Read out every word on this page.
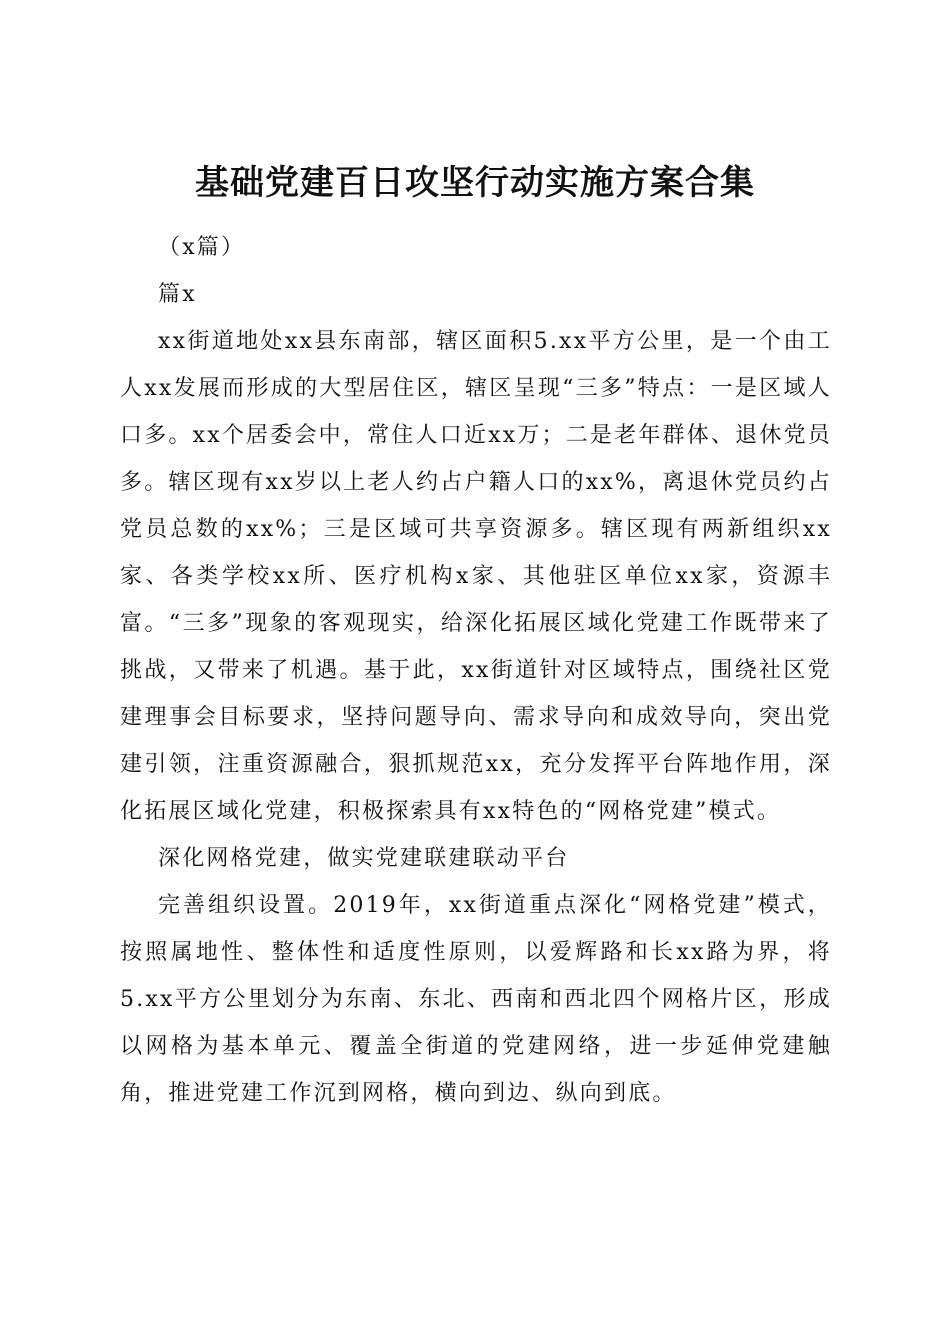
基础党建百日攻坚行动实施方案合集

（x篇）

篇x

xx街道地处xx县东南部，辖区面积5.xx平方公里，是一个由工人xx发展而形成的大型居住区，辖区呈现“三多”特点：一是区域人口多。xx个居委会中，常住人口近xx万；二是老年群体、退休党员多。辖区现有xx岁以上老人约占户籍人口的xx%，离退休党员约占党员总数的xx%；三是区域可共享资源多。辖区现有两新组织xx家、各类学校xx所、医疗机构x家、其他驻区单位xx家，资源丰富。“三多”现象的客观现实，给深化拓展区域化党建工作既带来了挑战，又带来了机遇。基于此，xx街道针对区域特点，围绕社区党建理事会目标要求，坚持问题导向、需求导向和成效导向，突出党建引领，注重资源融合，狠抓规范xx，充分发挥平台阵地作用，深化拓展区域化党建，积极探索具有xx特色的“网格党建”模式。

深化网格党建，做实党建联建联动平台

完善组织设置。2019年，xx街道重点深化“网格党建”模式，按照属地性、整体性和适度性原则，以爱辉路和长xx路为界，将5.xx平方公里划分为东南、东北、西南和西北四个网格片区，形成以网格为基本单元、覆盖全街道的党建网络，进一步延伸党建触角，推进党建工作沉到网格，横向到边、纵向到底。
